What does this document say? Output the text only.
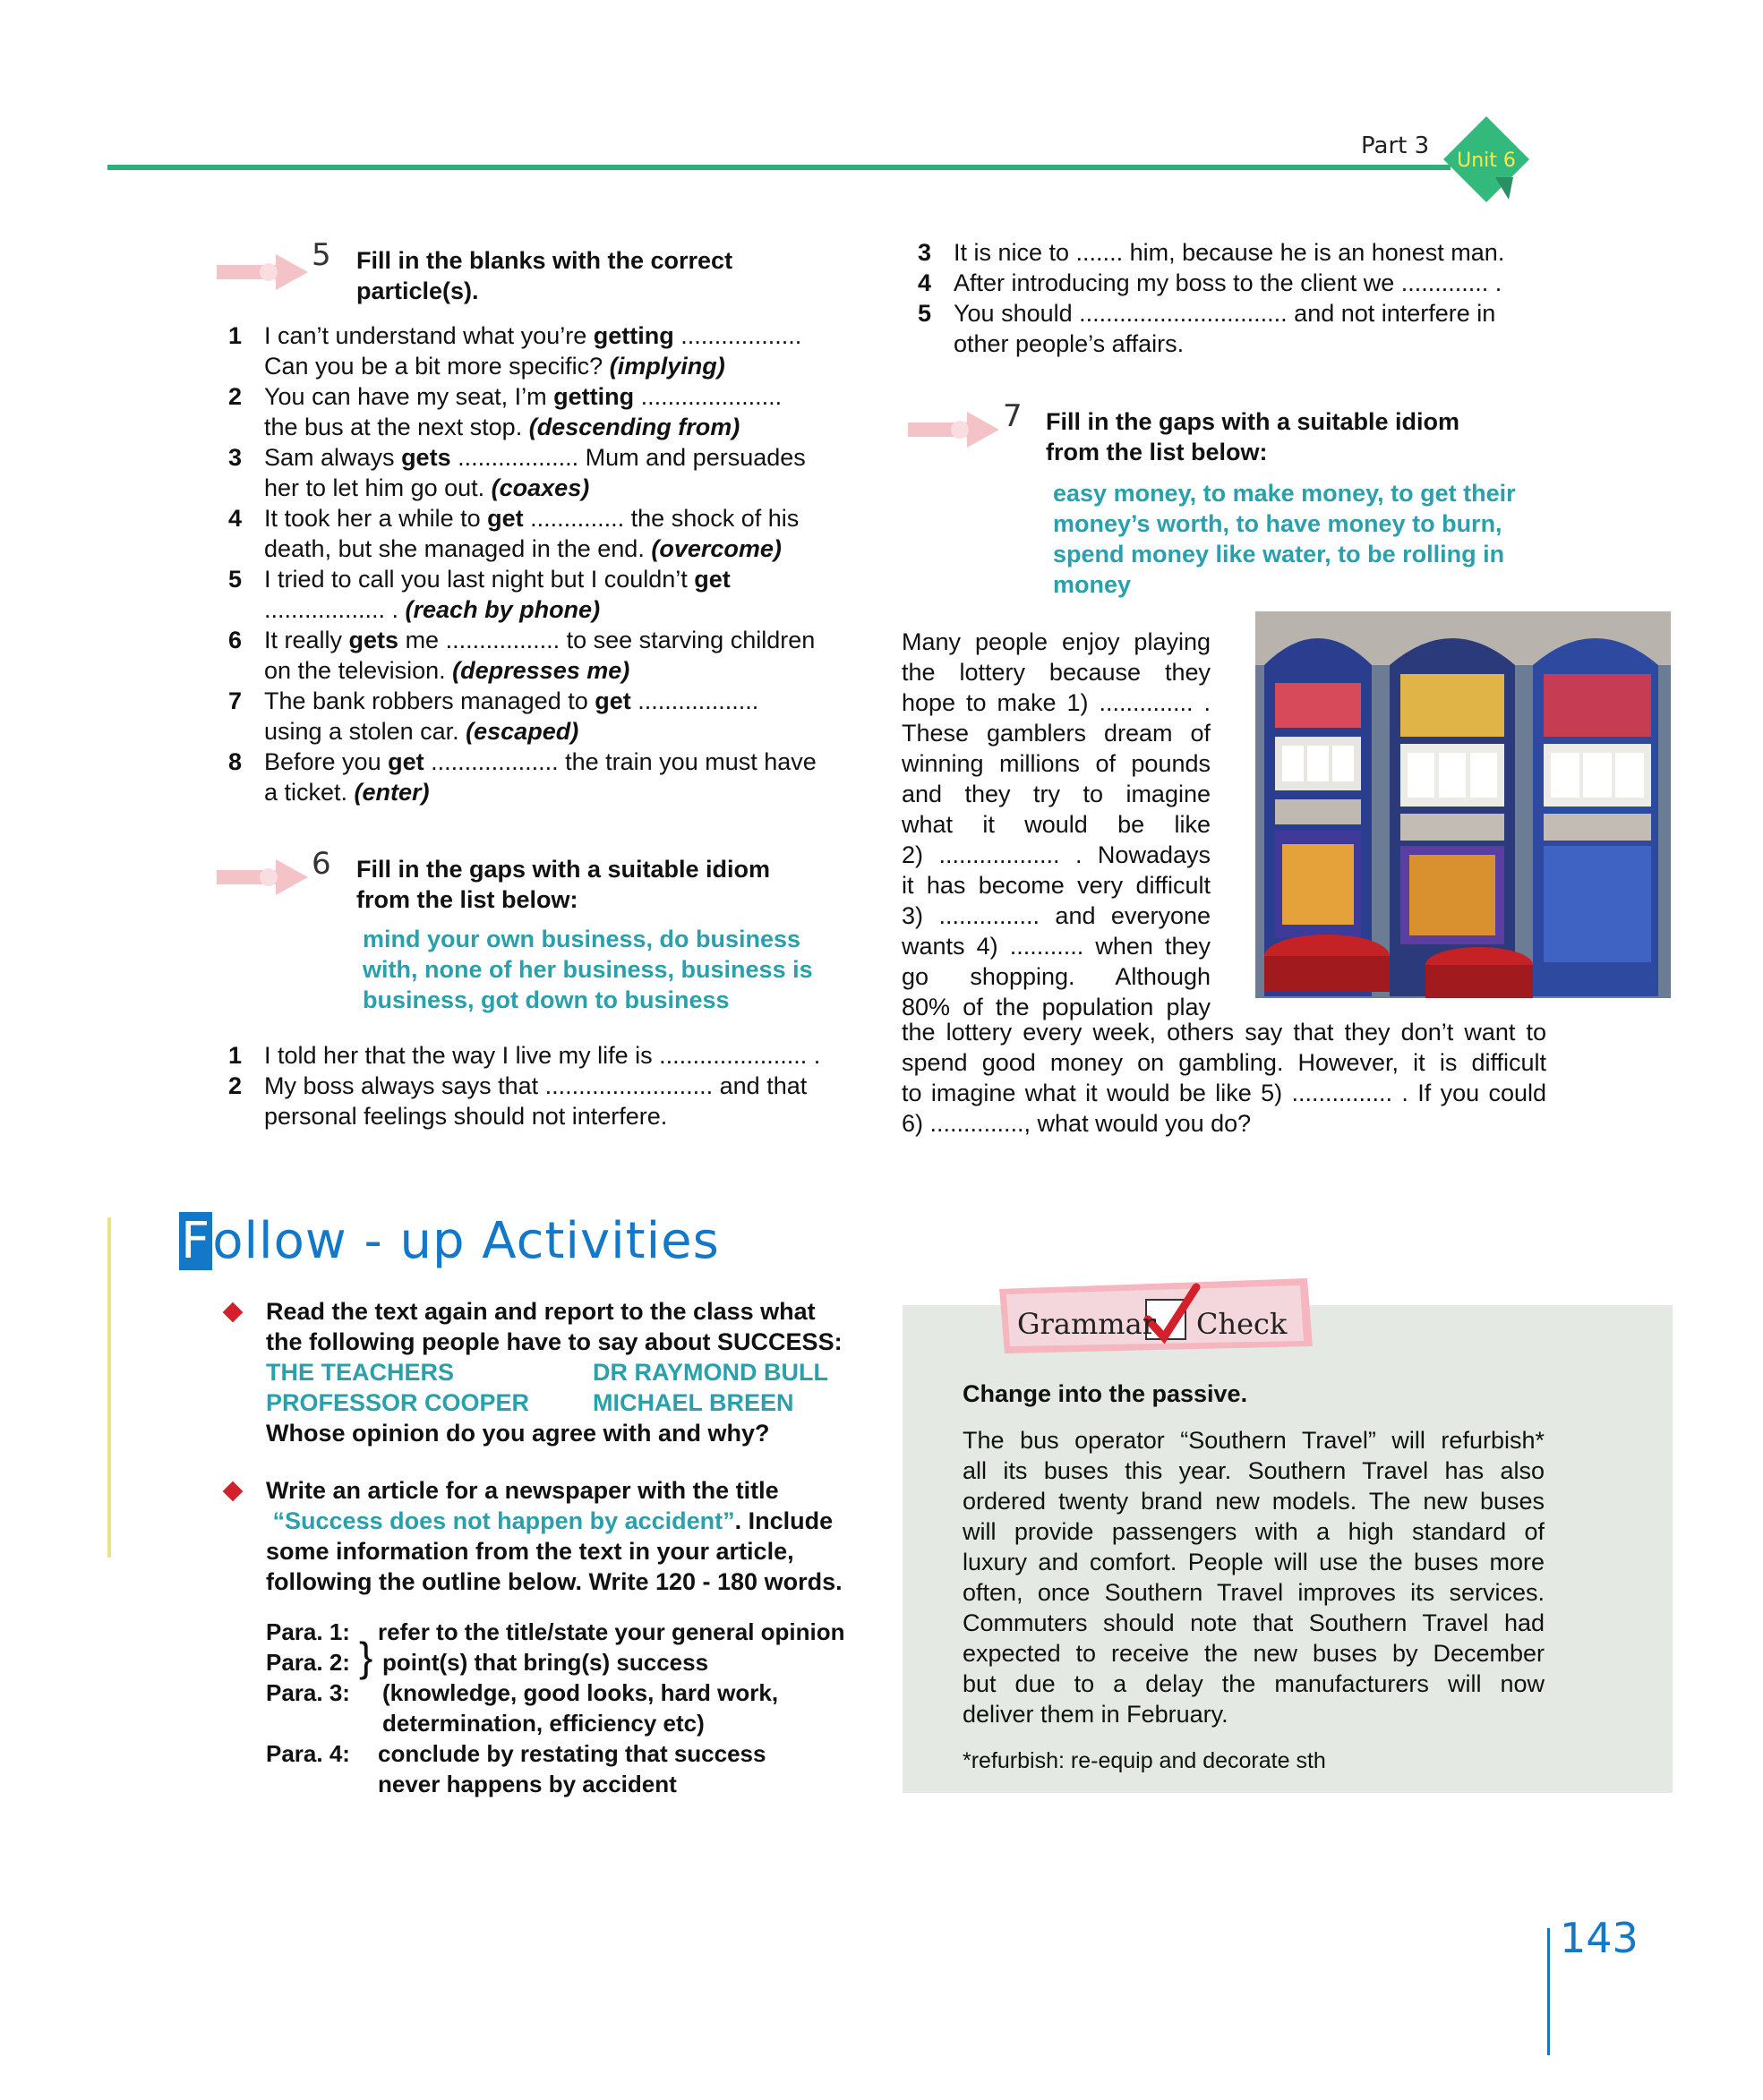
Part 3
Unit 6
5 Fill in the blanks with the correct
particle(s).
1 I can’t understand what you’re getting ..................
Can you be a bit more specific? (implying)
2 You can have my seat, I’m getting .....................
the bus at the next stop. (descending from)
3 Sam always gets .................. Mum and persuades
her to let him go out. (coaxes)
4 It took her a while to get .............. the shock of his
death, but she managed in the end. (overcome)
5 I tried to call you last night but I couldn’t get
.................. . (reach by phone)
6 It really gets me ................. to see starving children
on the television. (depresses me)
7 The bank robbers managed to get ..................
using a stolen car. (escaped)
8 Before you get ................... the train you must have
a ticket. (enter)
6 Fill in the gaps with a suitable idiom
from the list below:
mind your own business, do business
with, none of her business, business is
business, got down to business
1 I told her that the way I live my life is ...................... .
2 My boss always says that ......................... and that
personal feelings should not interfere.
3 It is nice to ....... him, because he is an honest man.
4 After introducing my boss to the client we ............. .
5 You should ............................... and not interfere in
other people’s affairs.
7 Fill in the gaps with a suitable idiom
from the list below:
easy money, to make money, to get their
money’s worth, to have money to burn,
spend money like water, to be rolling in
money
Many people enjoy playing
the lottery because they
hope to make 1) .............. .
These gamblers dream of
winning millions of pounds
and they try to imagine
what it would be like
2) .................. . Nowadays
it has become very difficult
3) ............... and everyone
wants 4) ........... when they
go shopping. Although
80% of the population play
the lottery every week, others say that they don’t want to
spend good money on gambling. However, it is difficult
to imagine what it would be like 5) ............... . If you could
6) .............., what would you do?
Follow - up Activities
Read the text again and report to the class what
the following people have to say about SUCCESS:
THE TEACHERS	DR RAYMOND BULL
PROFESSOR COOPER	MICHAEL BREEN
Whose opinion do you agree with and why?
Write an article for a newspaper with the title
“Success does not happen by accident”. Include
some information from the text in your article,
following the outline below. Write 120 - 180 words.
Para. 1: refer to the title/state your general opinion
Para. 2: point(s) that bring(s) success
Para. 3: (knowledge, good looks, hard work,
determination, efficiency etc)
Para. 4: conclude by restating that success
never happens by accident
}
Grammar Check
Change into the passive.
The bus operator “Southern Travel” will refurbish*
all its buses this year. Southern Travel has also
ordered twenty brand new models. The new buses
will provide passengers with a high standard of
luxury and comfort. People will use the buses more
often, once Southern Travel improves its services.
Commuters should note that Southern Travel had
expected to receive the new buses by December
but due to a delay the manufacturers will now
deliver them in February.
*refurbish: re-equip and decorate sth
143
